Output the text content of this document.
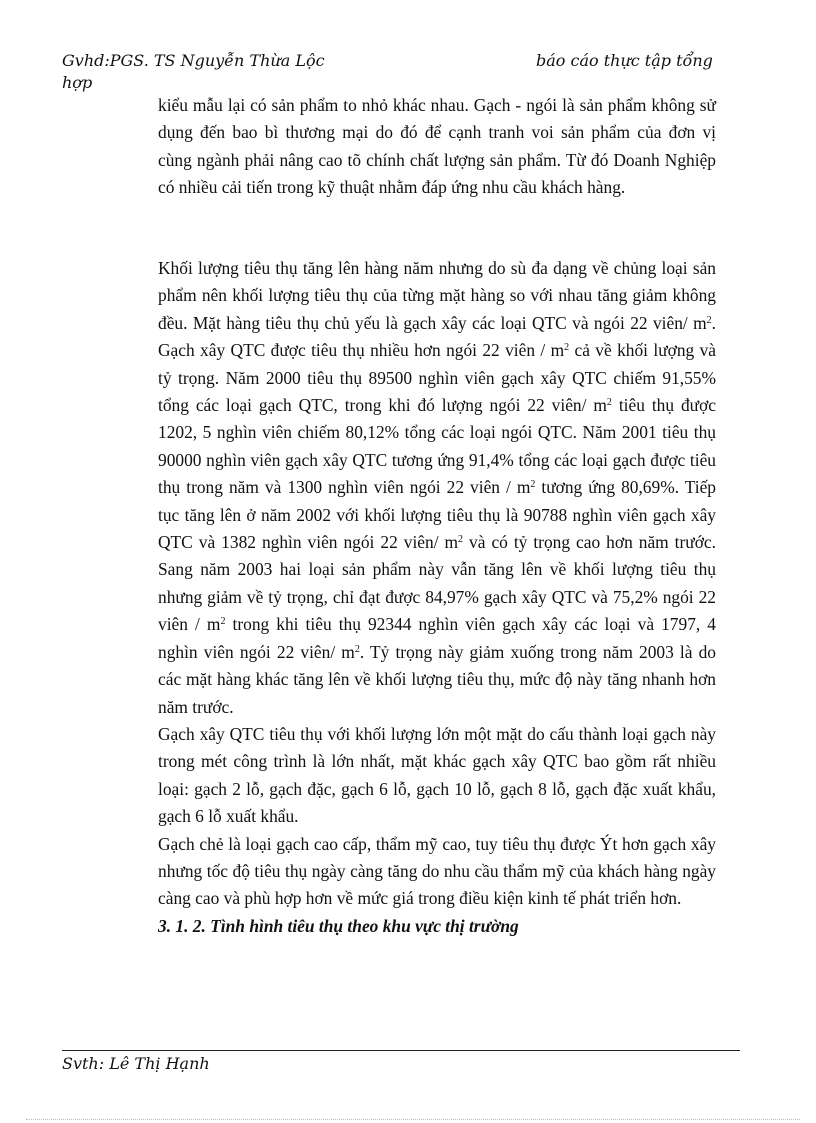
Gvhd:PGS. TS Nguyễn Thừa Lộc
hợp
báo cáo thực tập tổng

kiểu mẫu lại có sản phẩm to nhỏ khác nhau. Gạch - ngói là sản phẩm không sử dụng đến bao bì thương mại do đó để cạnh tranh voi sản phẩm của đơn vị

cùng ngành phải nâng cao tõ chính chất lượng sản phẩm. Từ đó Doanh Nghiệp có nhiều cải tiến trong kỹ thuật nhằm đáp ứng nhu cầu khách hàng.

Khối lượng tiêu thụ tăng lên hàng năm nhưng do sù đa dạng về chủng loại sản phẩm nên khối lượng tiêu thụ của từng mặt hàng so với nhau tăng giảm không đều. Mặt hàng tiêu thụ chủ yếu là gạch xây các loại QTC và ngói 22 viên/ $m^2$. Gạch xây QTC được tiêu thụ nhiều hơn ngói 22 viên / $m^2$ cả về khối lượng và tỷ trọng. Năm 2000 tiêu thụ 89500 nghìn viên gạch xây QTC chiếm 91,55% tổng các loại gạch QTC, trong khi đó lượng ngói 22 viên/ $m^2$ tiêu thụ được 1202, 5 nghìn viên chiếm 80,12% tổng các loại ngói QTC. Năm 2001 tiêu thụ 90000 nghìn viên gạch xây QTC tương ứng 91,4% tổng các loại gạch được tiêu thụ trong năm và 1300 nghìn viên ngói 22 viên / $m^2$ tương ứng 80,69%. Tiếp tục tăng lên ở năm 2002 với khối lượng tiêu thụ là 90788 nghìn viên gạch xây QTC và 1382 nghìn viên ngói 22 viên/ $m^2$ và có tỷ trọng cao hơn năm trước. Sang năm 2003 hai loại sản phẩm này vẫn tăng lên về khối lượng tiêu thụ nhưng giảm về tỷ trọng, chỉ đạt được 84,97% gạch xây QTC và 75,2% ngói 22 viên / $m^2$ trong khi tiêu thụ 92344 nghìn viên gạch xây các loại và 1797, 4 nghìn viên ngói 22 viên/ $m^2$. Tỷ trọng này giảm xuống trong năm 2003 là do các mặt hàng khác tăng lên về khối lượng tiêu thụ, mức độ này tăng nhanh hơn năm trước.

Gạch xây QTC tiêu thụ với khối lượng lớn một mặt do cấu thành loại gạch này trong mét công trình là lớn nhất, mặt khác gạch xây QTC bao gồm rất nhiều loại: gạch 2 lỗ, gạch đặc, gạch 6 lỗ, gạch 10 lỗ, gạch 8 lỗ, gạch đặc xuất khẩu, gạch 6 lỗ xuất khẩu.

Gạch chẻ là loại gạch cao cấp, thẩm mỹ cao, tuy tiêu thụ được Ýt hơn gạch xây nhưng tốc độ tiêu thụ ngày càng tăng do nhu cầu thẩm mỹ của khách hàng ngày càng cao và phù hợp hơn về mức giá trong điều kiện kinh tế phát triển hơn.

3. 1. 2. Tình hình tiêu thụ theo khu vực thị trường

Svth: Lê Thị Hạnh
